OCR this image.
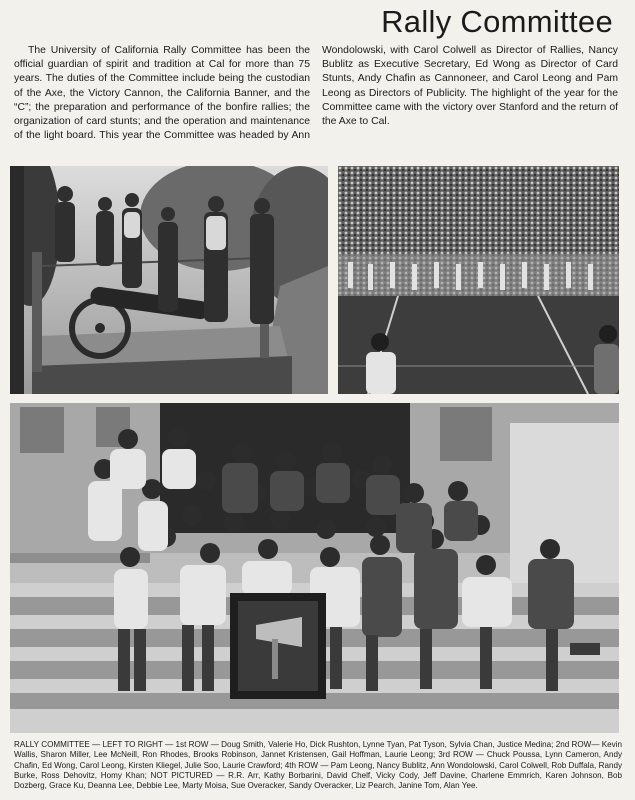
Rally Committee

The University of California Rally Committee has been the official guardian of spirit and tradition at Cal for more than 75 years. The duties of the Committee include being the custodian of the Axe, the Victory Cannon, the California Banner, and the “C”; the preparation and performance of the bonfire rallies; the organization of card stunts; and the operation and maintenance of the light board. This year the Committee was headed by Ann Wondolowski, with Carol Colwell as Director of Rallies, Nancy Bublitz as Executive Secretary, Ed Wong as Director of Card Stunts, Andy Chafin as Cannoneer, and Carol Leong and Pam Leong as Directors of Publicity. The highlight of the year for the Committee came with the victory over Stanford and the return of the Axe to Cal.

RALLY COMMITTEE — LEFT TO RIGHT — 1st ROW — Doug Smith, Valerie Ho, Dick Rushton, Lynne Tyan, Pat Tyson, Sylvia Chan, Justice Medina; 2nd ROW— Kevin Wallis, Sharon Miller, Lee McNeill, Ron Rhodes, Brooks Robinson, Jannet Kristensen, Gail Hoffman, Laurie Leong; 3rd ROW — Chuck Poussa, Lynn Cameron, Andy Chafin, Ed Wong, Carol Leong, Kirsten Kliegel, Julie Soo, Laurie Crawford; 4th ROW — Pam Leong, Nancy Bublitz, Ann Wondolowski, Carol Colwell, Rob Duffala, Randy Burke, Ross Dehovitz, Homy Khan; NOT PICTURED — R.R. Arr, Kathy Borbarini, David Chelf, Vicky Cody, Jeff Davine, Charlene Emmrich, Karen Johnson, Bob Dozberg, Grace Ku, Deanna Lee, Debbie Lee, Marty Moisa, Sue Overacker, Sandy Overacker, Liz Pearch, Janine Tom, Alan Yee.
